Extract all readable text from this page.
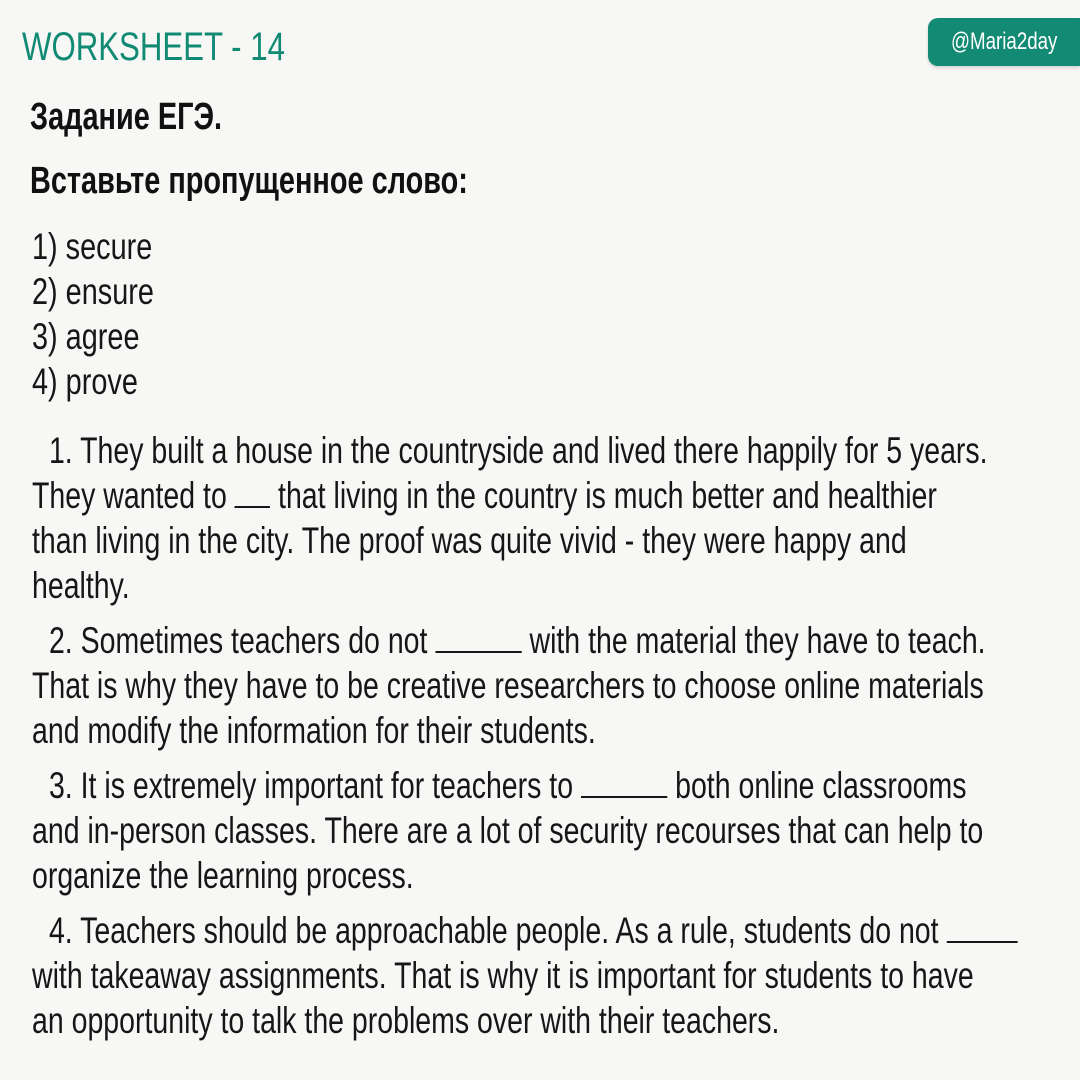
WORKSHEET - 14	@Maria2day
Задание ЕГЭ.
Вставьте пропущенное слово:
1) secure
2) ensure
3) agree
4) prove
1. They built a house in the countryside and lived there happily for 5 years.
They wanted to  that living in the country is much better and healthier
than living in the city. The proof was quite vivid - they were happy and
healthy.
2. Sometimes teachers do not	with the material they have to teach.
That is why they have to be creative researchers to choose online materials
and modify the information for their students.
3. It is extremely important for teachers to	both online classrooms
and in-person classes. There are a lot of security recourses that can help to
organize the learning process.
4. Teachers should be approachable people. As a rule, students do not
with takeaway assignments. That is why it is important for students to have
an opportunity to talk the problems over with their teachers.
